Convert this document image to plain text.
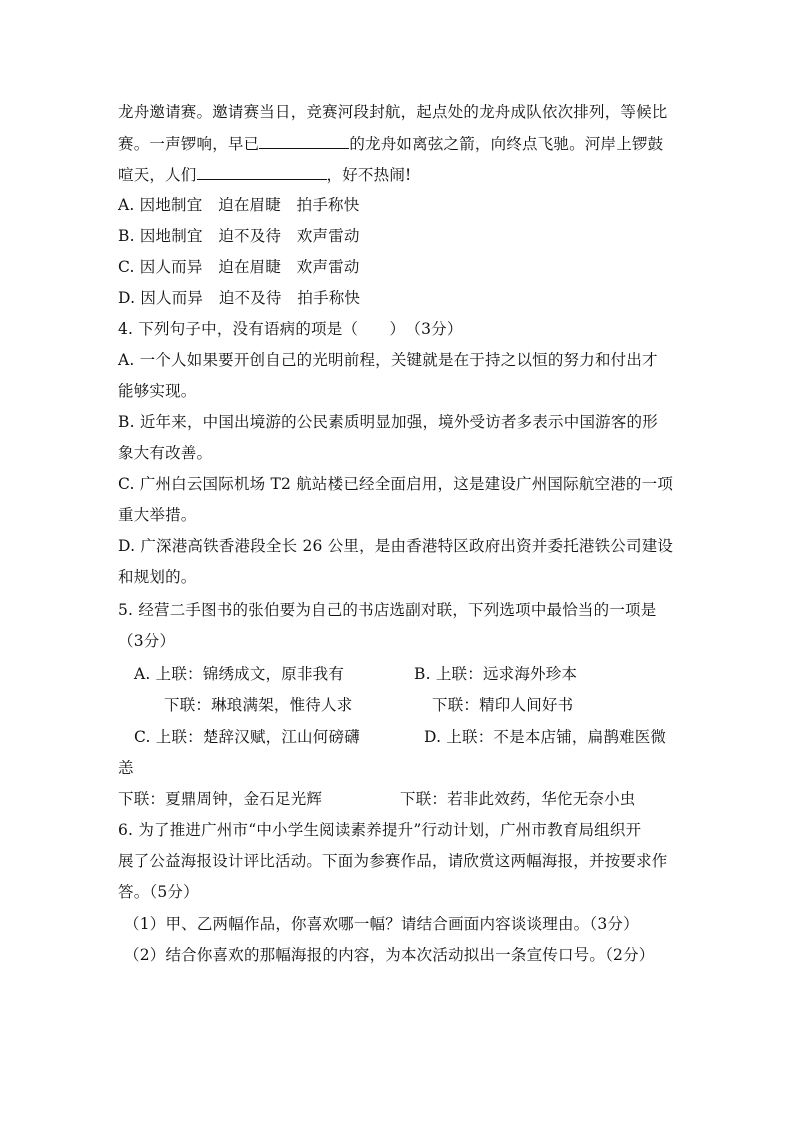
龙舟邀请赛。邀请赛当日，竞赛河段封航，起点处的龙舟成队依次排列，等候比
赛。一声锣响，早已	的龙舟如离弦之箭，向终点飞驰。河岸上锣鼓
喧天，人们	，好不热闹!
A. 因地制宜　迫在眉睫　拍手称快
B. 因地制宜　迫不及待　欢声雷动
C. 因人而异　迫在眉睫　欢声雷动
D. 因人而异　迫不及待　拍手称快
4. 下列句子中，没有语病的项是（　　）　（3分）
A. 一个人如果要开创自己的光明前程，关键就是在于持之以恒的努力和付出才
能够实现。
B. 近年来，中国出境游的公民素质明显加强，境外受访者多表示中国游客的形
象大有改善。
C. 广州白云国际机场 T2 航站楼已经全面启用，这是建设广州国际航空港的一项
重大举措。
D. 广深港高铁香港段全长 26 公里，是由香港特区政府出资并委托港铁公司建设
和规划的。
5. 经营二手图书的张伯要为自己的书店选副对联，下列选项中最恰当的一项是
（3分）
A. 上联：锦绣成文，原非我有	B. 上联：远求海外珍本
下联：琳琅满架，惟待人求	下联：精印人间好书
C. 上联：楚辞汉赋，江山何磅礴	D. 上联：不是本店铺，扁鹊难医微
恙
下联：夏鼎周钟，金石足光辉	下联：若非此效药，华佗无奈小虫
6. 为了推进广州市“中小学生阅读素养提升”行动计划，广州市教育局组织开
展了公益海报设计评比活动。下面为参赛作品，请欣赏这两幅海报，并按要求作
答。（5分）
（1）甲、乙两幅作品，你喜欢哪一幅？请结合画面内容谈谈理由。（3分）
（2）结合你喜欢的那幅海报的内容，为本次活动拟出一条宣传口号。（2分）
